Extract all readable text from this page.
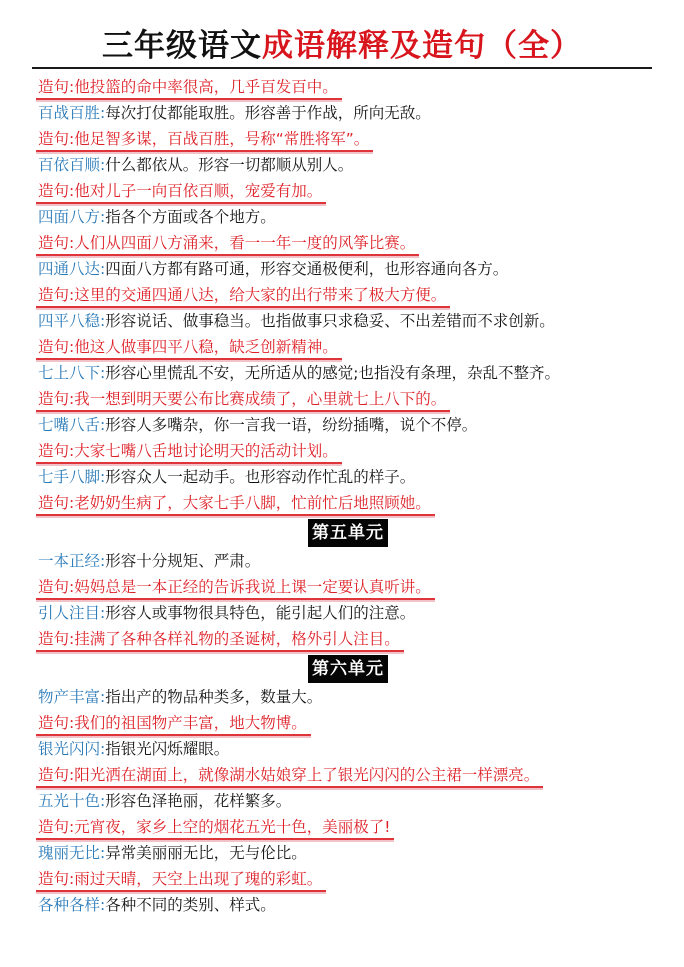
三年级语文成语解释及造句（全）
造句:他投篮的命中率很高，几乎百发百中。
百战百胜:每次打仗都能取胜。形容善于作战，所向无敌。
造句:他足智多谋，百战百胜，号称“常胜将军”。
百依百顺:什么都依从。形容一切都顺从别人。
造句:他对儿子一向百依百顺，宠爱有加。
四面八方:指各个方面或各个地方。
造句:人们从四面八方涌来，看一一年一度的风筝比赛。
四通八达:四面八方都有路可通，形容交通极便利，也形容通向各方。
造句:这里的交通四通八达，给大家的出行带来了极大方便。
四平八稳:形容说话、做事稳当。也指做事只求稳妥、不出差错而不求创新。
造句:他这人做事四平八稳，缺乏创新精神。
七上八下:形容心里慌乱不安，无所适从的感觉;也指没有条理，杂乱不整齐。
造句:我一想到明天要公布比赛成绩了，心里就七上八下的。
七嘴八舌:形容人多嘴杂，你一言我一语，纷纷插嘴，说个不停。
造句:大家七嘴八舌地讨论明天的活动计划。
七手八脚:形容众人一起动手。也形容动作忙乱的样子。
造句:老奶奶生病了，大家七手八脚，忙前忙后地照顾她。
第五单元
一本正经:形容十分规矩、严肃。
造句:妈妈总是一本正经的告诉我说上课一定要认真听讲。
引人注目:形容人或事物很具特色，能引起人们的注意。
造句:挂满了各种各样礼物的圣诞树，格外引人注目。
第六单元
物产丰富:指出产的物品种类多，数量大。
造句:我们的祖国物产丰富，地大物博。
银光闪闪:指银光闪烁耀眼。
造句:阳光洒在湖面上，就像湖水姑娘穿上了银光闪闪的公主裙一样漂亮。
五光十色:形容色泽艳丽，花样繁多。
造句:元宵夜，家乡上空的烟花五光十色，美丽极了!
瑰丽无比:异常美丽丽无比，无与伦比。
造句:雨过天晴，天空上出现了瑰的彩虹。
各种各样:各种不同的类别、样式。
